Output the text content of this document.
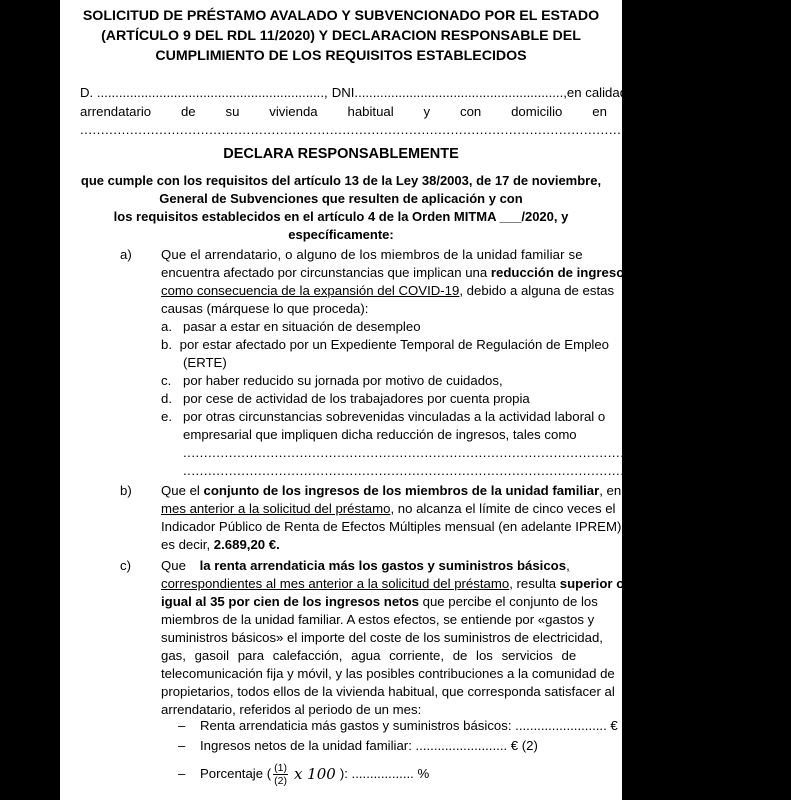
SOLICITUD DE PRÉSTAMO AVALADO Y SUBVENCIONADO POR EL ESTADO
(ARTÍCULO 9 DEL RDL 11/2020) Y DECLARACION RESPONSABLE DEL
CUMPLIMIENTO DE LOS REQUISITOS ESTABLECIDOS
D. .............................................................., DNI........................................................., en calidad de
arrendatario de su vivienda habitual y con domicilio en
....................................................................................................................................................................
DECLARA RESPONSABLEMENTE
que cumple con los requisitos del artículo 13 de la Ley 38/2003, de 17 de noviembre,
General de Subvenciones que resulten de aplicación y con
los requisitos establecidos en el artículo 4 de la Orden MITMA ___/2020, y
específicamente:
a) Que el arrendatario, o alguno de los miembros de la unidad familiar se
encuentra afectado por circunstancias que implican una reducción de ingresos,
como consecuencia de la expansión del COVID-19, debido a alguna de estas
causas (márquese lo que proceda):
a. pasar a estar en situación de desempleo
b. por estar afectado por un Expediente Temporal de Regulación de Empleo
(ERTE)
c. por haber reducido su jornada por motivo de cuidados,
d. por cese de actividad de los trabajadores por cuenta propia
e. por otras circunstancias sobrevenidas vinculadas a la actividad laboral o
empresarial que impliquen dicha reducción de ingresos, tales como
..................................................................................................................................................
..................................................................................................................................................
b) Que el conjunto de los ingresos de los miembros de la unidad familiar, en el
mes anterior a la solicitud del préstamo, no alcanza el límite de cinco veces el
Indicador Público de Renta de Efectos Múltiples mensual (en adelante IPREM),
es decir, 2.689,20 €.
c) Que la renta arrendaticia más los gastos y suministros básicos,
correspondientes al mes anterior a la solicitud del préstamo, resulta superior o
igual al 35 por cien de los ingresos netos que percibe el conjunto de los
miembros de la unidad familiar. A estos efectos, se entiende por «gastos y
suministros básicos» el importe del coste de los suministros de electricidad,
gas, gasoil para calefacción, agua corriente, de los servicios de
telecomunicación fija y móvil, y las posibles contribuciones a la comunidad de
propietarios, todos ellos de la vivienda habitual, que corresponda satisfacer al
arrendatario, referidos al periodo de un mes:
–	Renta arrendaticia más gastos y suministros básicos: ......................... € (1)
–	Ingresos netos de la unidad familiar: ......................... € (2)
–	Porcentaje ( $\frac{(1)}{(2)}$ x 100 ): ................. %
